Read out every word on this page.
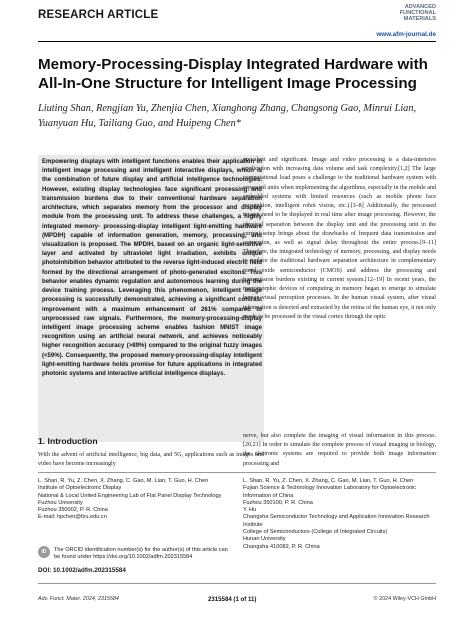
RESEARCH ARTICLE
ADVANCED
FUNCTIONAL
MATERIALS
www.afm-journal.de
Memory-Processing-Display Integrated Hardware with All-In-One Structure for Intelligent Image Processing
Liuting Shan, Rengjian Yu, Zhenjia Chen, Xianghong Zhang, Changsong Gao, Minrui Lian, Yuanyuan Hu, Tailiang Guo, and Huipeng Chen*
Empowering displays with intelligent functions enables their application in intelligent image processing and intelligent interactive displays, which is the combination of future display and artificial intelligence technologies. However, existing display technologies face significant processing and transmission burdens due to their conventional hardware separation architecture, which separates memory from the processor and display module from the processing unit. To address these challenges, a highly integrated memory- processing-display intelligent light-emitting hardware (MPDIH) capable of information generation, memory, processing, and visualization is proposed. The MPDIH, based on an organic light-sensitive layer and activated by ultraviolet light irradiation, exhibits unique photoinhibition behavior attributed to the reverse light-induced electric field formed by the directional arrangement of photo-generated excitons. This behavior enables dynamic regulation and autonomous learning during the device training process. Leveraging this phenomenon, intelligent image processing is successfully demonstrated, achieving a significant contrast improvement with a maximum enhancement of 261% compared to unprocessed raw signals. Furthermore, the memory-processing-display intelligent image processing scheme enables fashion MNIST image recognition using an artificial neural network, and achieves noticeably higher recognition accuracy (>89%) compared to the original fuzzy images (<59%). Consequently, the proposed memory-processing-display intelligent light-emitting hardware holds promise for future applications in integrated photonic systems and interactive artificial intelligence displays.
prevalent and significant. Image and video processing is a data-intensive application with increasing data volume and task complexity.[1,2] The large computational load poses a challenge to the traditional hardware system with separated units when implementing the algorithms, especially in the mobile and embedded systems with limited resources (such as mobile phone face recognition, intelligent robot vision, etc.).[3–8] Additionally, the processed images need to be displayed in real time after image processing. However, the physical separation between the display unit and the processing unit in the current setup brings about the drawbacks of frequent data transmission and conversion, as well as signal delay throughout the entire process.[9–11] Therefore, the integrated technology of memory, processing, and display needs to replace the traditional hardware separation architecture in complementary metal oxide semiconductor (CMOS) and address the processing and transmission burdens existing in current system.[12–19] In recent years, the neuromorphic devices of computing in memory began to emerge to simulate human visual perception processes. In the human visual system, after visual information is detected and extracted by the retina of the human eye, it not only needs to be processed in the visual cortex through the optic
1. Introduction
With the advent of artificial intelligence, big data, and 5G, applications such as images and video have become increasingly
nerve, but also complete the imaging of visual information in this process.[20,21] In order to simulate the complete process of visual imaging in biology, the electronic systems are required to provide both image information processing and
L. Shan, R. Yu, Z. Chen, X. Zhang, C. Gao, M. Lian, T. Guo, H. Chen
Institute of Optoelectronic Display
National & Local United Engineering Lab of Flat Panel Display Technology
Fuzhou University
Fuzhou 350002, P. R. China
E-mail: hpchen@fzu.edu.cn
L. Shan, R. Yu, Z. Chen, X. Zhang, C. Gao, M. Lian, T. Guo, H. Chen
Fujian Science & Technology Innovation Laboratory for Optoelectronic Information of China
Fuzhou 350100, P. R. China
Y. Hu
Changsha Semiconductor Technology and Application Innovation Research Institute
College of Semiconductors (College of Integrated Circuits)
Hunan University
Changsha 410082, P. R. China
iD	The ORCID identification number(s) for the author(s) of this article can be found under https://doi.org/10.1002/adfm.202315584
DOI: 10.1002/adfm.202315584
Adv. Funct. Mater. 2024, 2315584	2315584 (1 of 11)	© 2024 Wiley-VCH GmbH
